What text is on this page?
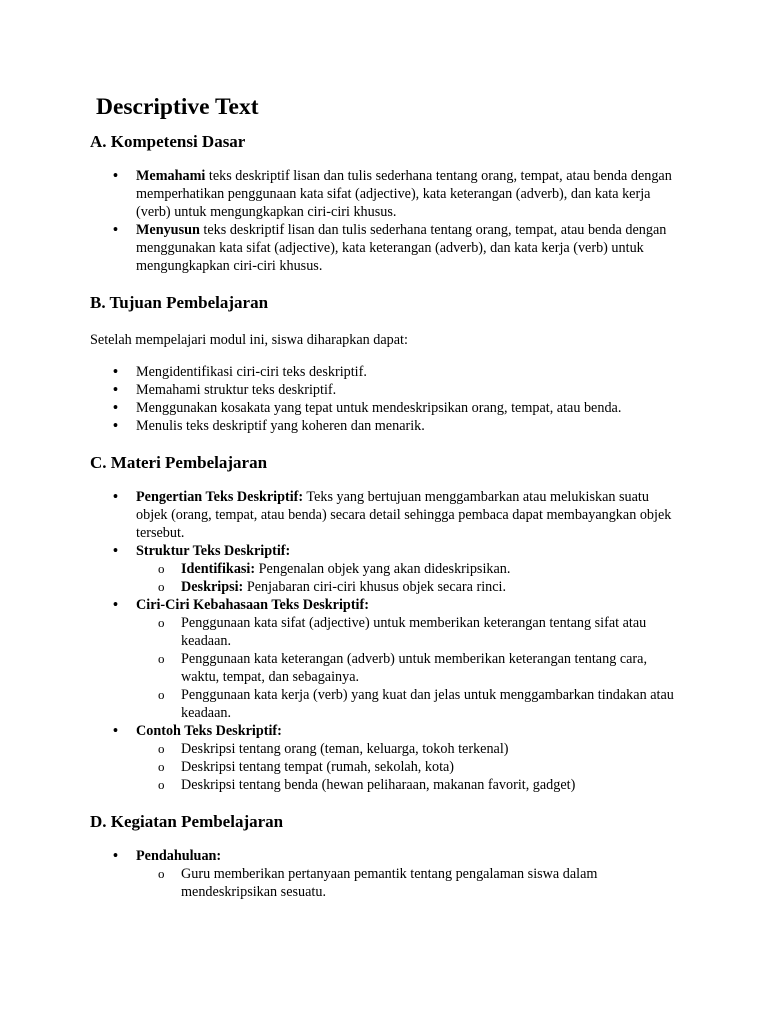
Descriptive Text
A. Kompetensi Dasar
• Memahami teks deskriptif lisan dan tulis sederhana tentang orang, tempat, atau benda dengan memperhatikan penggunaan kata sifat (adjective), kata keterangan (adverb), dan kata kerja (verb) untuk mengungkapkan ciri-ciri khusus.
• Menyusun teks deskriptif lisan dan tulis sederhana tentang orang, tempat, atau benda dengan menggunakan kata sifat (adjective), kata keterangan (adverb), dan kata kerja (verb) untuk mengungkapkan ciri-ciri khusus.
B. Tujuan Pembelajaran

Setelah mempelajari modul ini, siswa diharapkan dapat:

• Mengidentifikasi ciri-ciri teks deskriptif.
• Memahami struktur teks deskriptif.
• Menggunakan kosakata yang tepat untuk mendeskripsikan orang, tempat, atau benda.
• Menulis teks deskriptif yang koheren dan menarik.
C. Materi Pembelajaran
• Pengertian Teks Deskriptif: Teks yang bertujuan menggambarkan atau melukiskan suatu objek (orang, tempat, atau benda) secara detail sehingga pembaca dapat membayangkan objek tersebut.
• Struktur Teks Deskriptif:
o Identifikasi: Pengenalan objek yang akan dideskripsikan.
o Deskripsi: Penjabaran ciri-ciri khusus objek secara rinci.
• Ciri-Ciri Kebahasaan Teks Deskriptif:
o Penggunaan kata sifat (adjective) untuk memberikan keterangan tentang sifat atau keadaan.
o Penggunaan kata keterangan (adverb) untuk memberikan keterangan tentang cara, waktu, tempat, dan sebagainya.
o Penggunaan kata kerja (verb) yang kuat dan jelas untuk menggambarkan tindakan atau keadaan.
• Contoh Teks Deskriptif:
o Deskripsi tentang orang (teman, keluarga, tokoh terkenal)
o Deskripsi tentang tempat (rumah, sekolah, kota)
o Deskripsi tentang benda (hewan peliharaan, makanan favorit, gadget)
D. Kegiatan Pembelajaran
• Pendahuluan:
o Guru memberikan pertanyaan pemantik tentang pengalaman siswa dalam mendeskripsikan sesuatu.
